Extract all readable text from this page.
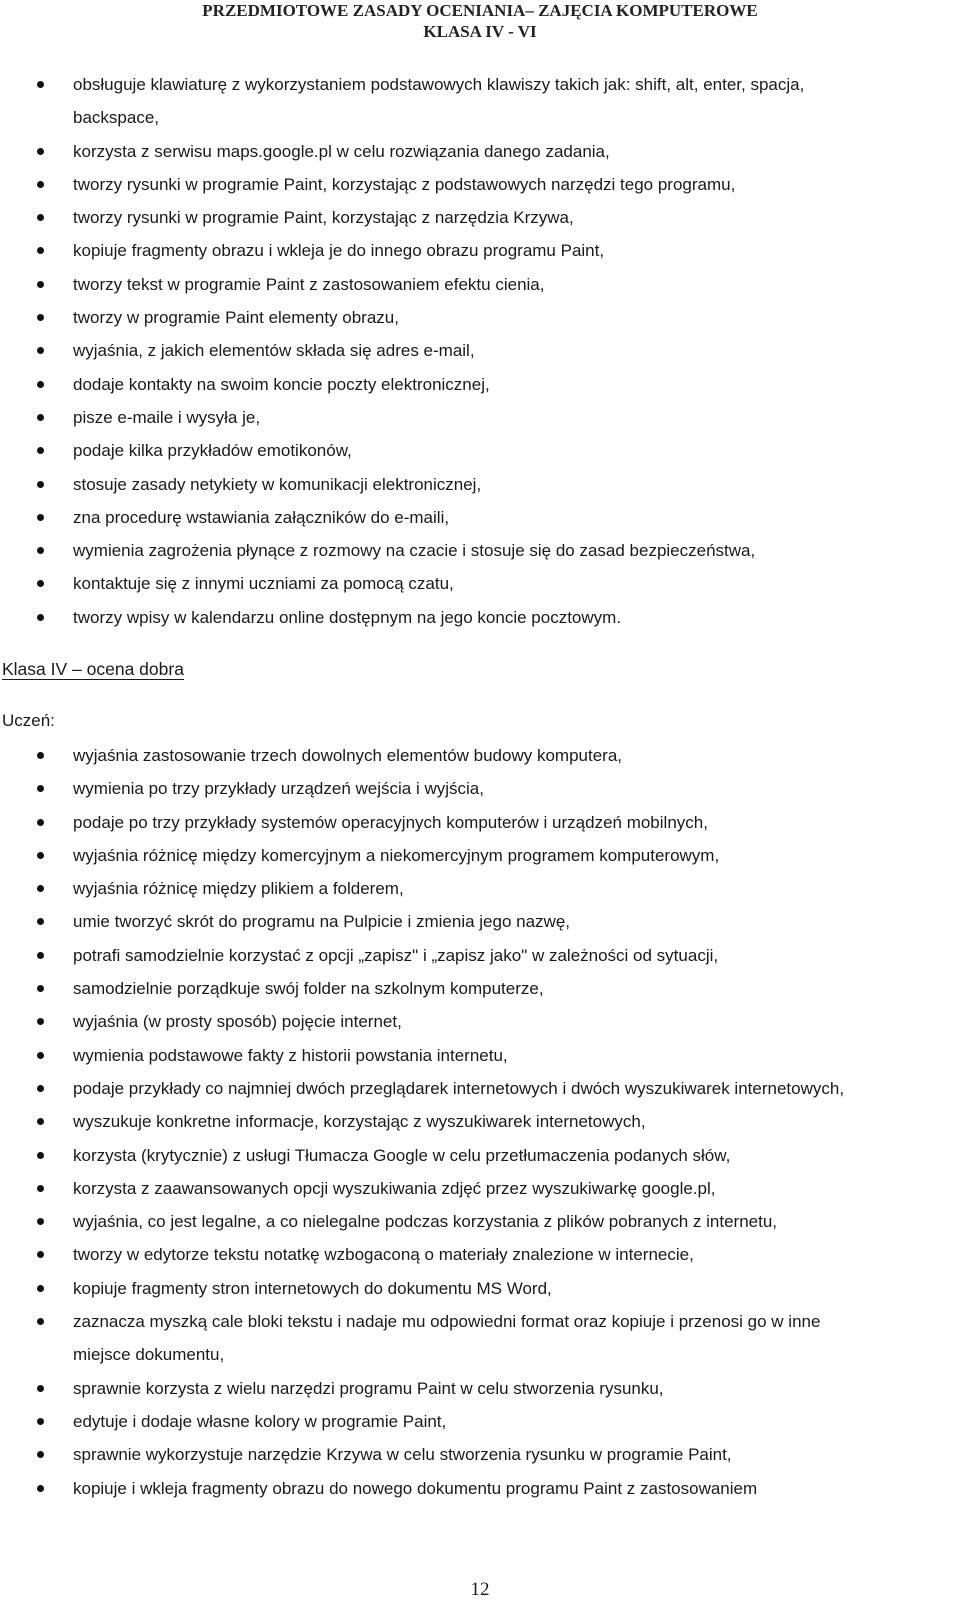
PRZEDMIOTOWE ZASADY OCENIANIA– ZAJĘCIA KOMPUTEROWE
KLASA IV - VI
obsługuje klawiaturę z wykorzystaniem podstawowych klawiszy takich jak: shift, alt, enter, spacja, backspace,
korzysta z serwisu maps.google.pl w celu rozwiązania danego zadania,
tworzy rysunki w programie Paint, korzystając z podstawowych narzędzi tego programu,
tworzy rysunki w programie Paint, korzystając z narzędzia Krzywa,
kopiuje fragmenty obrazu i wkleja je do innego obrazu programu Paint,
tworzy tekst w programie Paint z zastosowaniem efektu cienia,
tworzy w programie Paint elementy obrazu,
wyjaśnia, z jakich elementów składa się adres e-mail,
dodaje kontakty na swoim koncie poczty elektronicznej,
pisze e-maile i wysyła je,
podaje kilka przykładów emotikonów,
stosuje zasady netykiety w komunikacji elektronicznej,
zna procedurę wstawiania załączników do e-maili,
wymienia zagrożenia płynące z rozmowy na czacie i stosuje się do zasad bezpieczeństwa,
kontaktuje się z innymi uczniami za pomocą czatu,
tworzy wpisy w kalendarzu online dostępnym na jego koncie pocztowym.
Klasa IV – ocena dobra
Uczeń:
wyjaśnia zastosowanie trzech dowolnych elementów budowy komputera,
wymienia po trzy przykłady urządzeń wejścia i wyjścia,
podaje po trzy przykłady systemów operacyjnych komputerów i urządzeń mobilnych,
wyjaśnia różnicę między komercyjnym a niekomercyjnym programem komputerowym,
wyjaśnia różnicę między plikiem a folderem,
umie tworzyć skrót do programu na Pulpicie i zmienia jego nazwę,
potrafi samodzielnie korzystać z opcji „zapisz" i „zapisz jako" w zależności od sytuacji,
samodzielnie porządkuje swój folder na szkolnym komputerze,
wyjaśnia (w prosty sposób) pojęcie internet,
wymienia podstawowe fakty z historii powstania internetu,
podaje przykłady co najmniej dwóch przeglądarek internetowych i dwóch wyszukiwarek internetowych,
wyszukuje konkretne informacje, korzystając z wyszukiwarek internetowych,
korzysta (krytycznie) z usługi Tłumacza Google w celu przetłumaczenia podanych słów,
korzysta z zaawansowanych opcji wyszukiwania zdjęć przez wyszukiwarkę google.pl,
wyjaśnia, co jest legalne, a co nielegalne podczas korzystania z plików pobranych z internetu,
tworzy w edytorze tekstu notatkę wzbogaconą o materiały znalezione w internecie,
kopiuje fragmenty stron internetowych do dokumentu MS Word,
zaznacza myszką cale bloki tekstu i nadaje mu odpowiedni format oraz kopiuje i przenosi go w inne miejsce dokumentu,
sprawnie korzysta z wielu narzędzi programu Paint w celu stworzenia rysunku,
edytuje i dodaje własne kolory w programie Paint,
sprawnie wykorzystuje narzędzie Krzywa w celu stworzenia rysunku w programie Paint,
kopiuje i wkleja fragmenty obrazu do nowego dokumentu programu Paint z zastosowaniem
12
